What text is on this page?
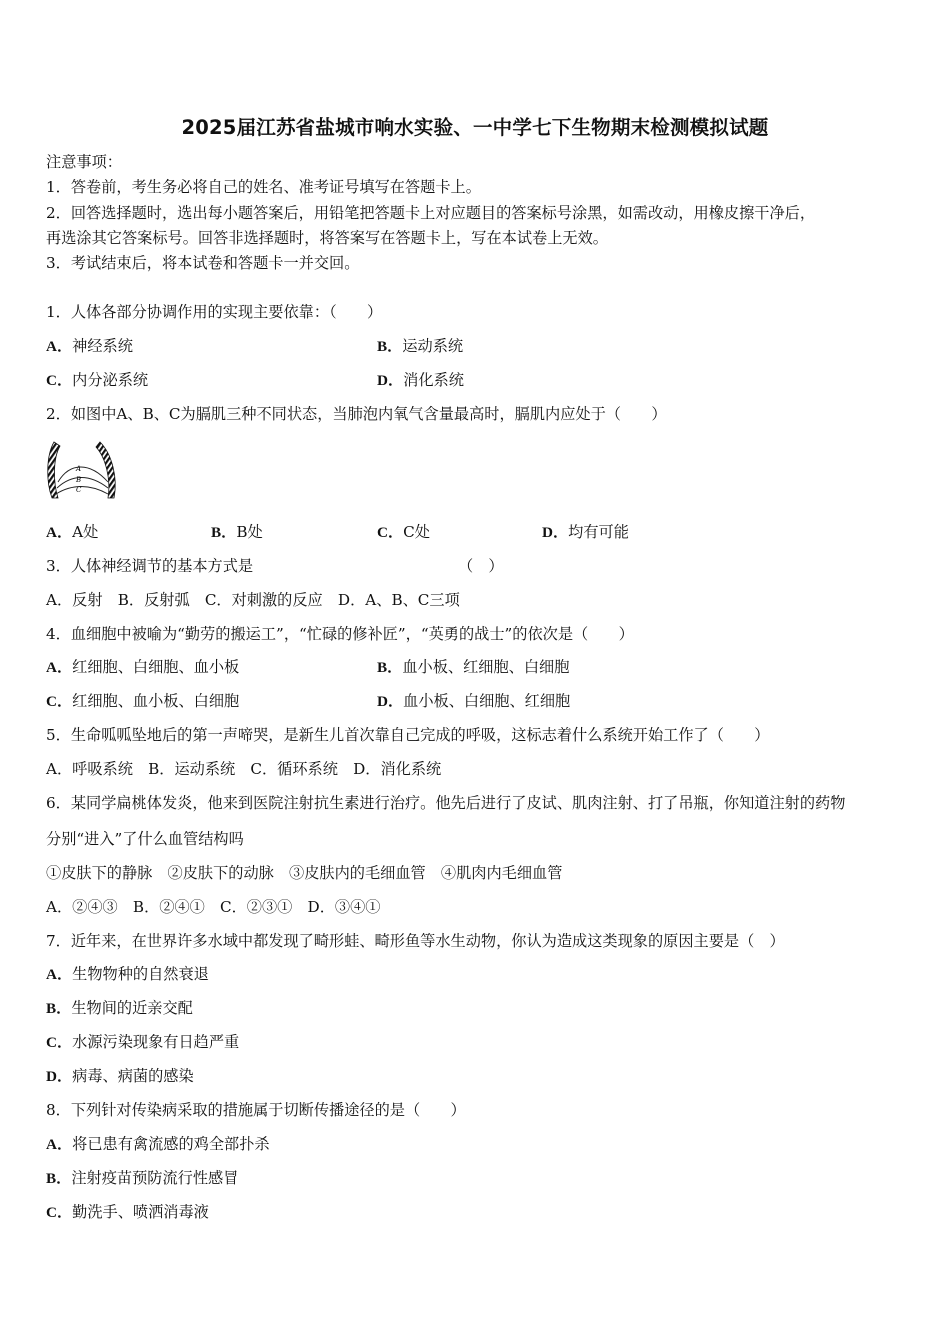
2025届江苏省盐城市响水实验、一中学七下生物期末检测模拟试题
注意事项：
1．答卷前，考生务必将自己的姓名、准考证号填写在答题卡上。
2．回答选择题时，选出每小题答案后，用铅笔把答题卡上对应题目的答案标号涂黑，如需改动，用橡皮擦干净后，
再选涂其它答案标号。回答非选择题时，将答案写在答题卡上，写在本试卷上无效。
3．考试结束后，将本试卷和答题卡一并交回。
1．人体各部分协调作用的实现主要依靠：（　　）
A．神经系统	B．运动系统
C．内分泌系统	D．消化系统
2．如图中A、B、C为膈肌三种不同状态，当肺泡内氧气含量最高时，膈肌内应处于（　　）
A
B
C
A．A处	B．B处	C．C处	D．均有可能
3．人体神经调节的基本方式是	（　）
A．反射　B．反射弧　C．对刺激的反应　D．A、B、C三项
4．血细胞中被喻为“勤劳的搬运工”，“忙碌的修补匠”，“英勇的战士”的依次是（　　）
A．红细胞、白细胞、血小板	B．血小板、红细胞、白细胞
C．红细胞、血小板、白细胞	D．血小板、白细胞、红细胞
5．生命呱呱坠地后的第一声啼哭，是新生儿首次靠自己完成的呼吸，这标志着什么系统开始工作了（　　）
A．呼吸系统　B．运动系统　C．循环系统　D．消化系统
6．某同学扁桃体发炎，他来到医院注射抗生素进行治疗。他先后进行了皮试、肌肉注射、打了吊瓶，你知道注射的药物
分别“进入”了什么血管结构吗
①皮肤下的静脉　②皮肤下的动脉　③皮肤内的毛细血管　④肌肉内毛细血管
A．②④③　B．②④①　C．②③①　D．③④①
7．近年来，在世界许多水域中都发现了畸形蛙、畸形鱼等水生动物，你认为造成这类现象的原因主要是（　）
A．生物物种的自然衰退
B．生物间的近亲交配
C．水源污染现象有日趋严重
D．病毒、病菌的感染
8．下列针对传染病采取的措施属于切断传播途径的是（　　）
A．将已患有禽流感的鸡全部扑杀
B．注射疫苗预防流行性感冒
C．勤洗手、喷洒消毒液
